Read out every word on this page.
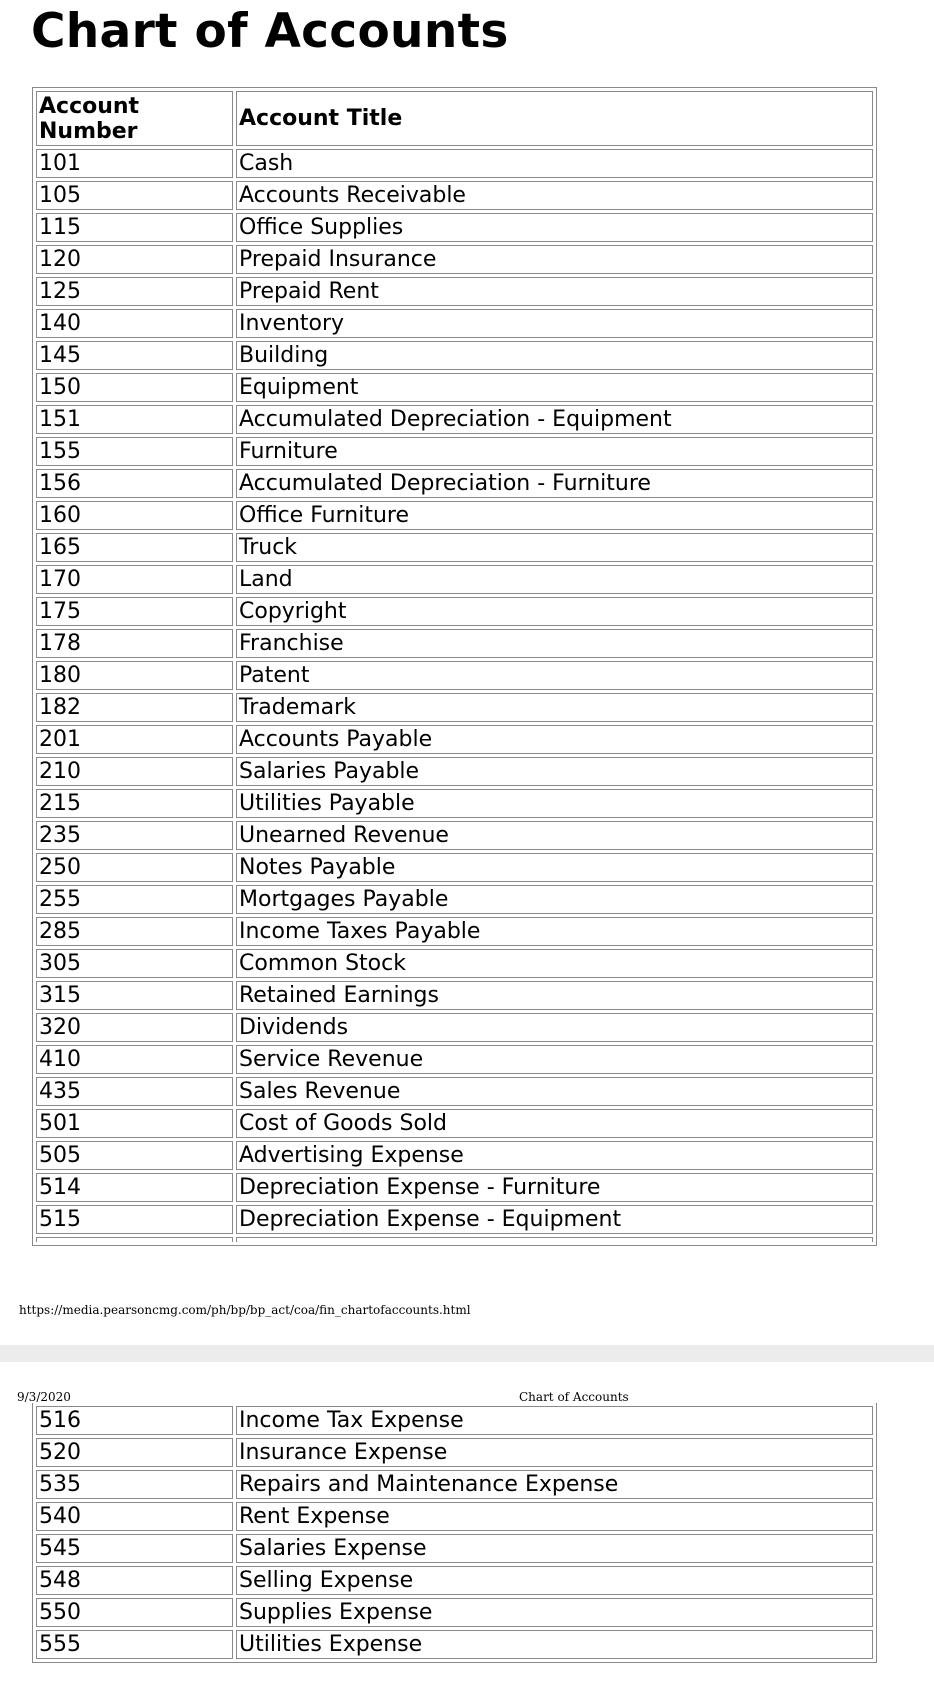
Chart of Accounts
Account Number	Account Title
101	Cash
105	Accounts Receivable
115	Office Supplies
120	Prepaid Insurance
125	Prepaid Rent
140	Inventory
145	Building
150	Equipment
151	Accumulated Depreciation - Equipment
155	Furniture
156	Accumulated Depreciation - Furniture
160	Office Furniture
165	Truck
170	Land
175	Copyright
178	Franchise
180	Patent
182	Trademark
201	Accounts Payable
210	Salaries Payable
215	Utilities Payable
235	Unearned Revenue
250	Notes Payable
255	Mortgages Payable
285	Income Taxes Payable
305	Common Stock
315	Retained Earnings
320	Dividends
410	Service Revenue
435	Sales Revenue
501	Cost of Goods Sold
505	Advertising Expense
514	Depreciation Expense - Furniture
515	Depreciation Expense - Equipment

https://media.pearsoncmg.com/ph/bp/bp_act/coa/fin_chartofaccounts.html
9/3/2020	Chart of Accounts
516	Income Tax Expense
520	Insurance Expense
535	Repairs and Maintenance Expense
540	Rent Expense
545	Salaries Expense
548	Selling Expense
550	Supplies Expense
555	Utilities Expense
